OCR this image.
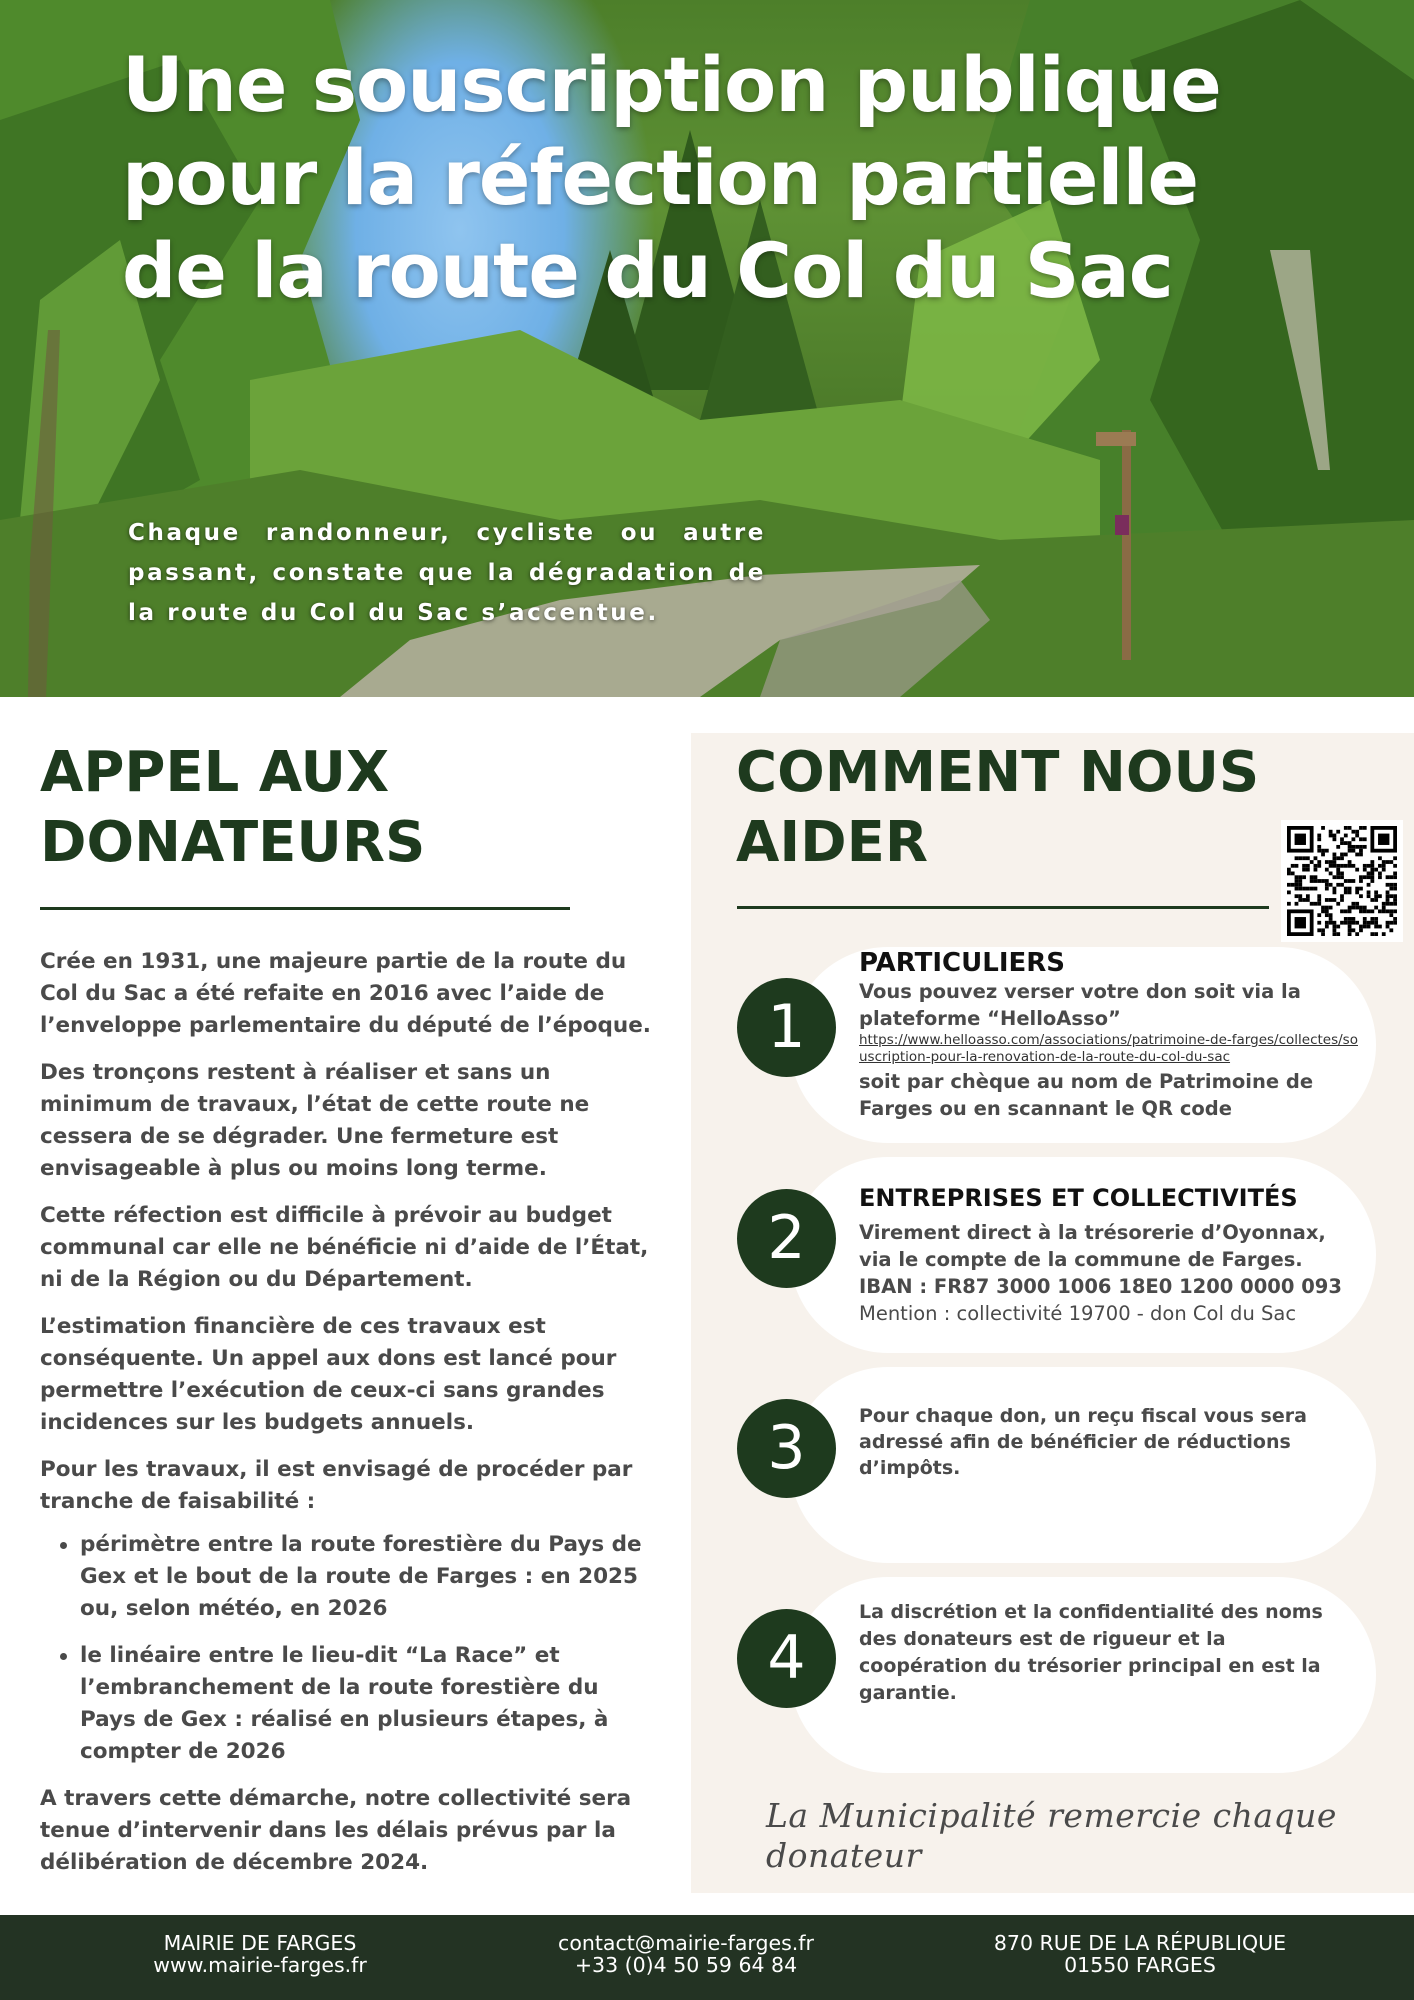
Une souscription publique
pour la réfection partielle
de la route du Col du Sac
Chaque randonneur, cycliste ou autre passant, constate que la dégradation de la route du Col du Sac s’accentue.
APPEL AUX
DONATEURS

Crée en 1931, une majeure partie de la route du Col du Sac a été refaite en 2016 avec l’aide de l’enveloppe parlementaire du député de l’époque.

Des tronçons restent à réaliser et sans un minimum de travaux, l’état de cette route ne cessera de se dégrader. Une fermeture est envisageable à plus ou moins long terme.

Cette réfection est difficile à prévoir au budget communal car elle ne bénéficie ni d’aide de l’État, ni de la Région ou du Département.

L’estimation financière de ces travaux est conséquente. Un appel aux dons est lancé pour permettre l’exécution de ceux-ci sans grandes incidences sur les budgets annuels.

Pour les travaux, il est envisagé de procéder par tranche de faisabilité :

périmètre entre la route forestière du Pays de Gex et le bout de la route de Farges : en 2025 ou, selon météo, en 2026
le linéaire entre le lieu-dit “La Race” et l’embranchement de la route forestière du Pays de Gex : réalisé en plusieurs étapes, à compter de 2026

A travers cette démarche, notre collectivité sera tenue d’intervenir dans les délais prévus par la délibération de décembre 2024.

COMMENT NOUS
AIDER
1
PARTICULIERS
Vous pouvez verser votre don soit via la plateforme “HelloAsso”
https://www.helloasso.com/associations/patrimoine-de-farges/collectes/souscription-pour-la-renovation-de-la-route-du-col-du-sac
soit par chèque au nom de Patrimoine de Farges ou en scannant le QR code
2
ENTREPRISES ET COLLECTIVITÉS
Virement direct à la trésorerie d’Oyonnax, via le compte de la commune de Farges.
IBAN : FR87 3000 1006 18E0 1200 0000 093
Mention : collectivité 19700 - don Col du Sac
3	Pour chaque don, un reçu fiscal vous sera adressé afin de bénéficier de réductions d’impôts.
4
La discrétion et la confidentialité des noms des donateurs est de rigueur et la coopération du trésorier principal en est la garantie.
La Municipalité remercie chaque donateur
MAIRIE DE FARGES
www.mairie-farges.fr
contact@mairie-farges.fr
+33 (0)4 50 59 64 84
870 RUE DE LA RÉPUBLIQUE
01550 FARGES
